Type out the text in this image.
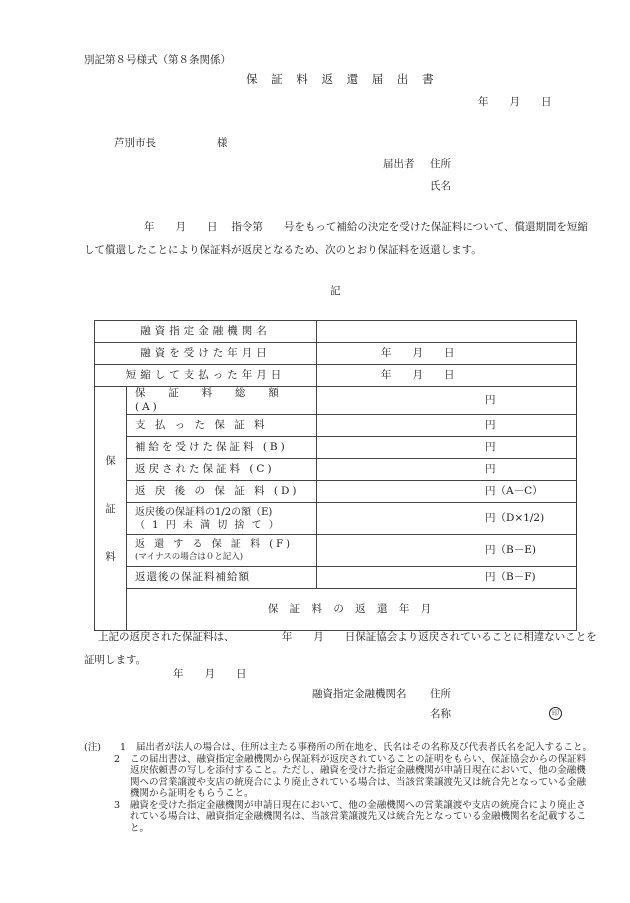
別記第８号様式（第８条関係）
保 証 料 返 還 届 出 書
年　　月　　日
芦別市長	様
届出者 住所
氏名
年　　月　　日　 指令第　　号をもって補給の決定を受けた保証料について、償還期間を短縮して償還したことにより保証料が返戻となるため、次のとおり保証料を返還します。
記
融資指定金融機関名			
融資を受けた年月日		年　　月　　日	
短縮して支払った年月日		年　　月　　日	

保
証
料	保　 証　 料　 総　 額　(A)	円	
	支 払 っ た 保 証 料	円	
	補給を受けた保証料 (B)	円	
	返戻された保証料 (C)	円	
	返 戻 後 の 保 証 料 (D)	円（A－C）	

	返戻後の保証料の1/2の額（E)
（ 1 円 未 満 切 捨 て ）	円（D×1/2)	

	返 還 す る 保 証 料 (F)
(マイナスの場合は０と記入)	円（B－E)	
	返還後の保証料補給額	円（B－F)	
	保 証 料 の 返 還 年 月	
上記の返戻された保証料は、　　　　　年　　月　　日保証協会より返戻されていることに相違ないことを証明します。
年　　月　　日
融資指定金融機関名 住所
名称	印
(注)	1	届出者が法人の場合は、住所は主たる事務所の所在地を、氏名はその名称及び代表者氏名を記入すること。
2	この届出書は、融資指定金融機関から保証料が返戻されていることの証明をもらい、保証協会からの保証料返戻依頼書の写しを添付すること。ただし、融資を受けた指定金融機関が申請日現在において、他の金融機関への営業譲渡や支店の統廃合により廃止されている場合は、当該営業譲渡先又は統合先となっている金融機関から証明をもらうこと。
3	融資を受けた指定金融機関が申請日現在において、他の金融機関への営業譲渡や支店の統廃合により廃止されている場合は、融資指定金融機関名は、当該営業譲渡先又は統合先となっている金融機関名を記載すること。
